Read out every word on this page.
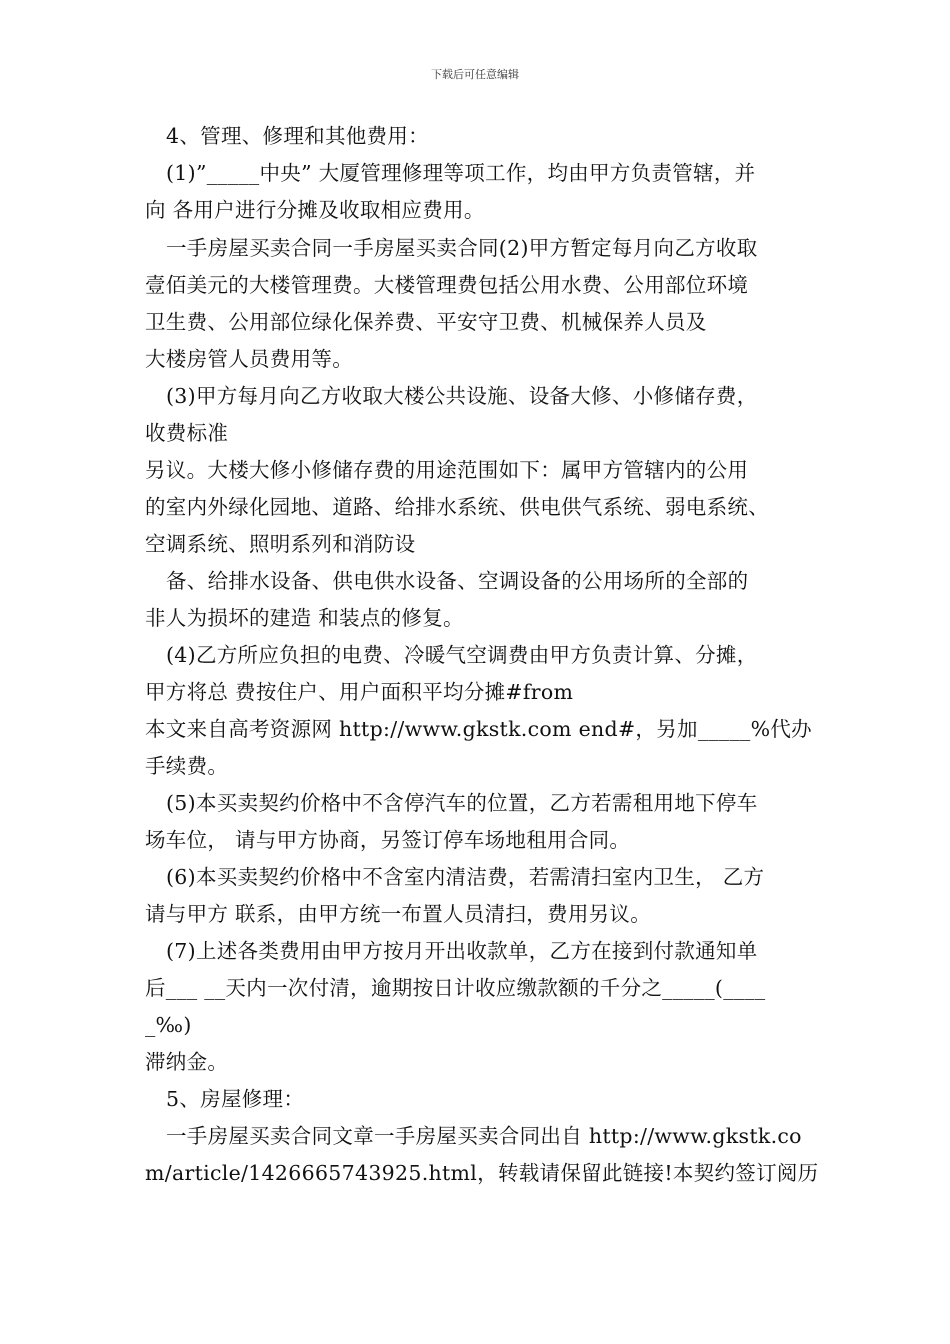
下载后可任意编辑
4、管理、修理和其他费用：
(1)”_____中央” 大厦管理修理等项工作，均由甲方负责管辖，并
向 各用户进行分摊及收取相应费用。
一手房屋买卖合同一手房屋买卖合同(2)甲方暂定每月向乙方收取
壹佰美元的大楼管理费。大楼管理费包括公用水费、公用部位环境
卫生费、公用部位绿化保养费、平安守卫费、机械保养人员及
大楼房管人员费用等。
(3)甲方每月向乙方收取大楼公共设施、设备大修、小修储存费，
收费标准
另议。大楼大修小修储存费的用途范围如下：属甲方管辖内的公用
的室内外绿化园地、道路、给排水系统、供电供气系统、弱电系统、
空调系统、照明系列和消防设
备、给排水设备、供电供水设备、空调设备的公用场所的全部的
非人为损坏的建造 和装点的修复。
(4)乙方所应负担的电费、冷暖气空调费由甲方负责计算、分摊，
甲方将总 费按住户、用户面积平均分摊#from
本文来自高考资源网 http://www.gkstk.com end#，另加_____%代办
手续费。
(5)本买卖契约价格中不含停汽车的位置，乙方若需租用地下停车
场车位， 请与甲方协商，另签订停车场地租用合同。
(6)本买卖契约价格中不含室内清洁费，若需清扫室内卫生， 乙方
请与甲方 联系，由甲方统一布置人员清扫，费用另议。
(7)上述各类费用由甲方按月开出收款单，乙方在接到付款通知单
后___ __天内一次付清，逾期按日计收应缴款额的千分之_____(____
_‰)
滞纳金。
5、房屋修理：
一手房屋买卖合同文章一手房屋买卖合同出自 http://www.gkstk.co
m/article/1426665743925.html，转载请保留此链接!本契约签订阅历
